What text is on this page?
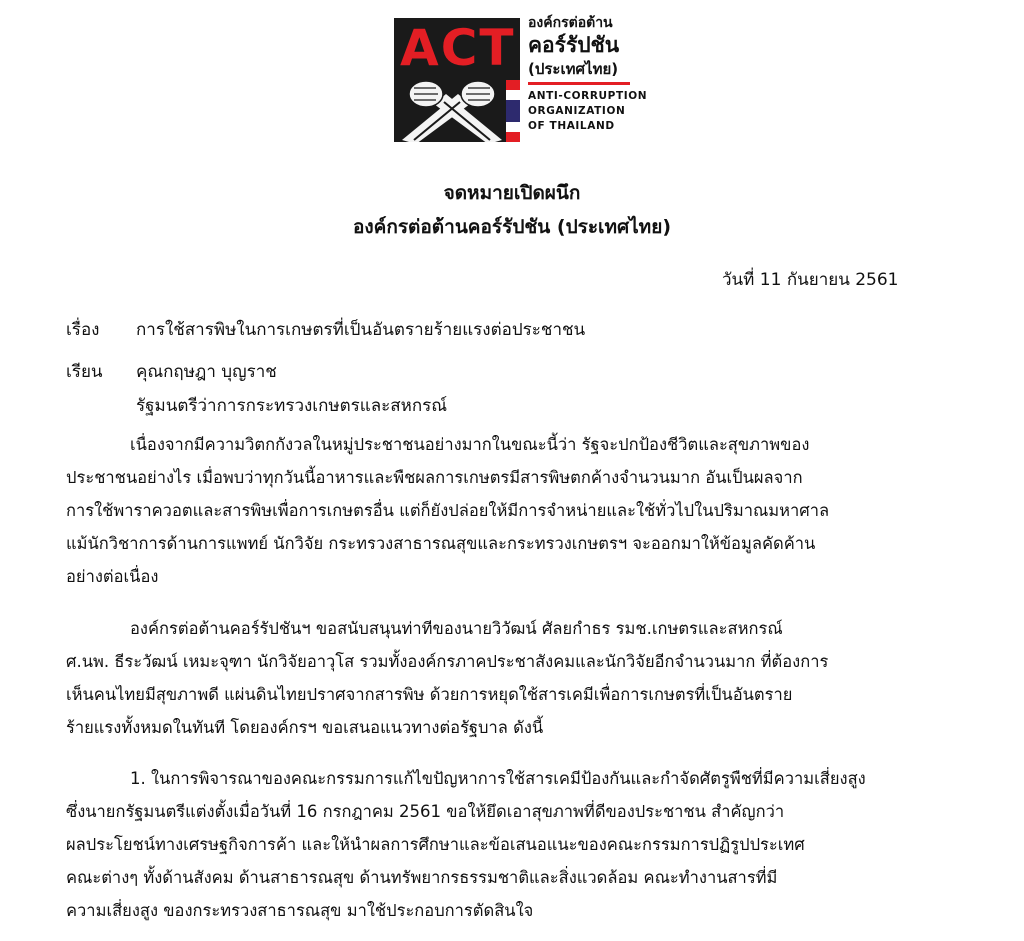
ACT องค์กรต่อต้าน
คอร์รัปชัน
(ประเทศไทย)
ANTI-CORRUPTION
ORGANIZATION
OF THAILAND
จดหมายเปิดผนึก
องค์กรต่อต้านคอร์รัปชัน (ประเทศไทย)
วันที่ 11 กันยายน 2561
เรื่อง การใช้สารพิษในการเกษตรที่เป็นอันตรายร้ายแรงต่อประชาชน
เรียน คุณกฤษฎา บุญราช
รัฐมนตรีว่าการกระทรวงเกษตรและสหกรณ์
เนื่องจากมีความวิตกกังวลในหมู่ประชาชนอย่างมากในขณะนี้ว่า รัฐจะปกป้องชีวิตและสุขภาพของ
ประชาชนอย่างไร เมื่อพบว่าทุกวันนี้อาหารและพืชผลการเกษตรมีสารพิษตกค้างจำนวนมาก อันเป็นผลจาก
การใช้พาราควอตและสารพิษเพื่อการเกษตรอื่น แต่ก็ยังปล่อยให้มีการจำหน่ายและใช้ทั่วไปในปริมาณมหาศาล
แม้นักวิชาการด้านการแพทย์ นักวิจัย กระทรวงสาธารณสุขและกระทรวงเกษตรฯ จะออกมาให้ข้อมูลคัดค้าน
อย่างต่อเนื่อง
องค์กรต่อต้านคอร์รัปชันฯ ขอสนับสนุนท่าทีของนายวิวัฒน์ ศัลยกำธร รมช.เกษตรและสหกรณ์
ศ.นพ. ธีระวัฒน์ เหมะจุฑา นักวิจัยอาวุโส รวมทั้งองค์กรภาคประชาสังคมและนักวิจัยอีกจำนวนมาก ที่ต้องการ
เห็นคนไทยมีสุขภาพดี แผ่นดินไทยปราศจากสารพิษ ด้วยการหยุดใช้สารเคมีเพื่อการเกษตรที่เป็นอันตราย
ร้ายแรงทั้งหมดในทันที โดยองค์กรฯ ขอเสนอแนวทางต่อรัฐบาล ดังนี้
1. ในการพิจารณาของคณะกรรมการแก้ไขปัญหาการใช้สารเคมีป้องกันและกำจัดศัตรูพืชที่มีความเสี่ยงสูง
ซึ่งนายกรัฐมนตรีแต่งตั้งเมื่อวันที่ 16 กรกฎาคม 2561 ขอให้ยึดเอาสุขภาพที่ดีของประชาชน สำคัญกว่า
ผลประโยชน์ทางเศรษฐกิจการค้า และให้นำผลการศึกษาและข้อเสนอแนะของคณะกรรมการปฏิรูปประเทศ
คณะต่างๆ ทั้งด้านสังคม ด้านสาธารณสุข ด้านทรัพยากรธรรมชาติและสิ่งแวดล้อม คณะทำงานสารที่มี
ความเสี่ยงสูง ของกระทรวงสาธารณสุข มาใช้ประกอบการตัดสินใจ
